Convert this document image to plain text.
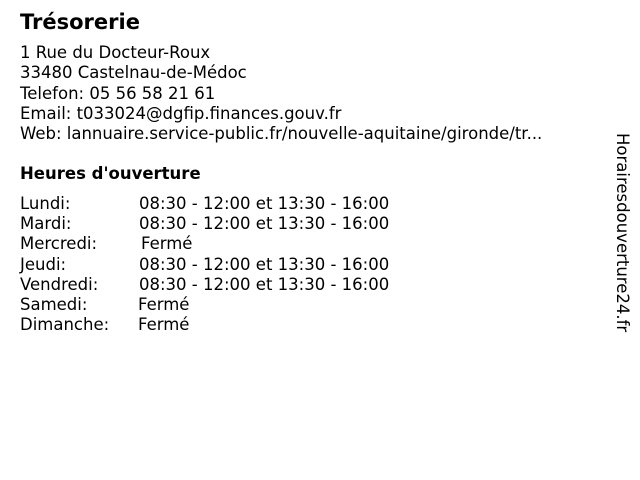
Trésorerie
1 Rue du Docteur-Roux
33480 Castelnau-de-Médoc
Telefon: 05 56 58 21 61
Email: t033024@dgfip.finances.gouv.fr
Web: lannuaire.service-public.fr/nouvelle-aquitaine/gironde/tr...
Heures d'ouverture
Lundi:	08:30 - 12:00 et 13:30 - 16:00
Mardi:	08:30 - 12:00 et 13:30 - 16:00
Mercredi:	Fermé
Jeudi:	08:30 - 12:00 et 13:30 - 16:00
Vendredi: 08:30 - 12:00 et 13:30 - 16:00
Samedi:	Fermé
Dimanche: Fermé	Horairesdouverture24.fr
